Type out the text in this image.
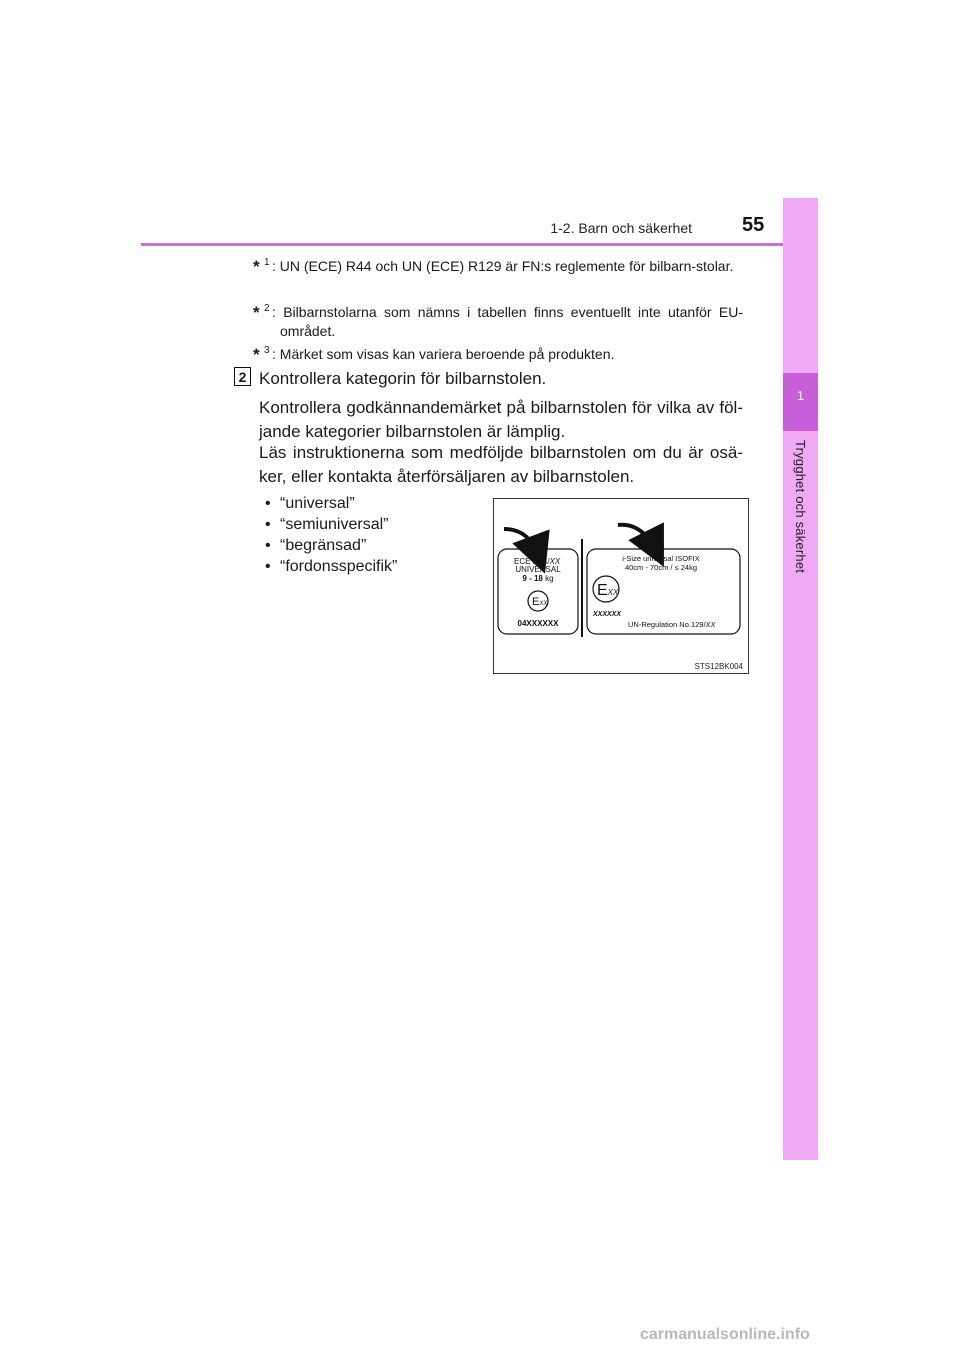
1-2. Barn och säkerhet	55
1
Trygghet och säkerhet
* 1 : UN (ECE) R44 och UN (ECE) R129 är FN:s reglemente för bilbarn-stolar.
* 2 : Bilbarnstolarna som nämns i tabellen finns eventuellt inte utanför EU-området.
* 3 : Märket som visas kan variera beroende på produkten.
2 Kontrollera kategorin för bilbarnstolen.
Kontrollera godkännandemärket på bilbarnstolen för vilka av föl-jande kategorier bilbarnstolen är lämplig.
Läs instruktionerna som medföljde bilbarnstolen om du är osä-ker, eller kontakta återförsäljaren av bilbarnstolen.
• “universal”
• “semiuniversal”
• “begränsad”
• “fordonsspecifik”	ECE R44/XX
UNIVERSAL
9 - 18 kg
EXX
04XXXXXX
i-Size universal ISOFIX
40cm - 70cm / ≤ 24kg
EXX
XXXXXX
UN-Regulation No.129/XX
STS12BK004
carmanualsonline.info
